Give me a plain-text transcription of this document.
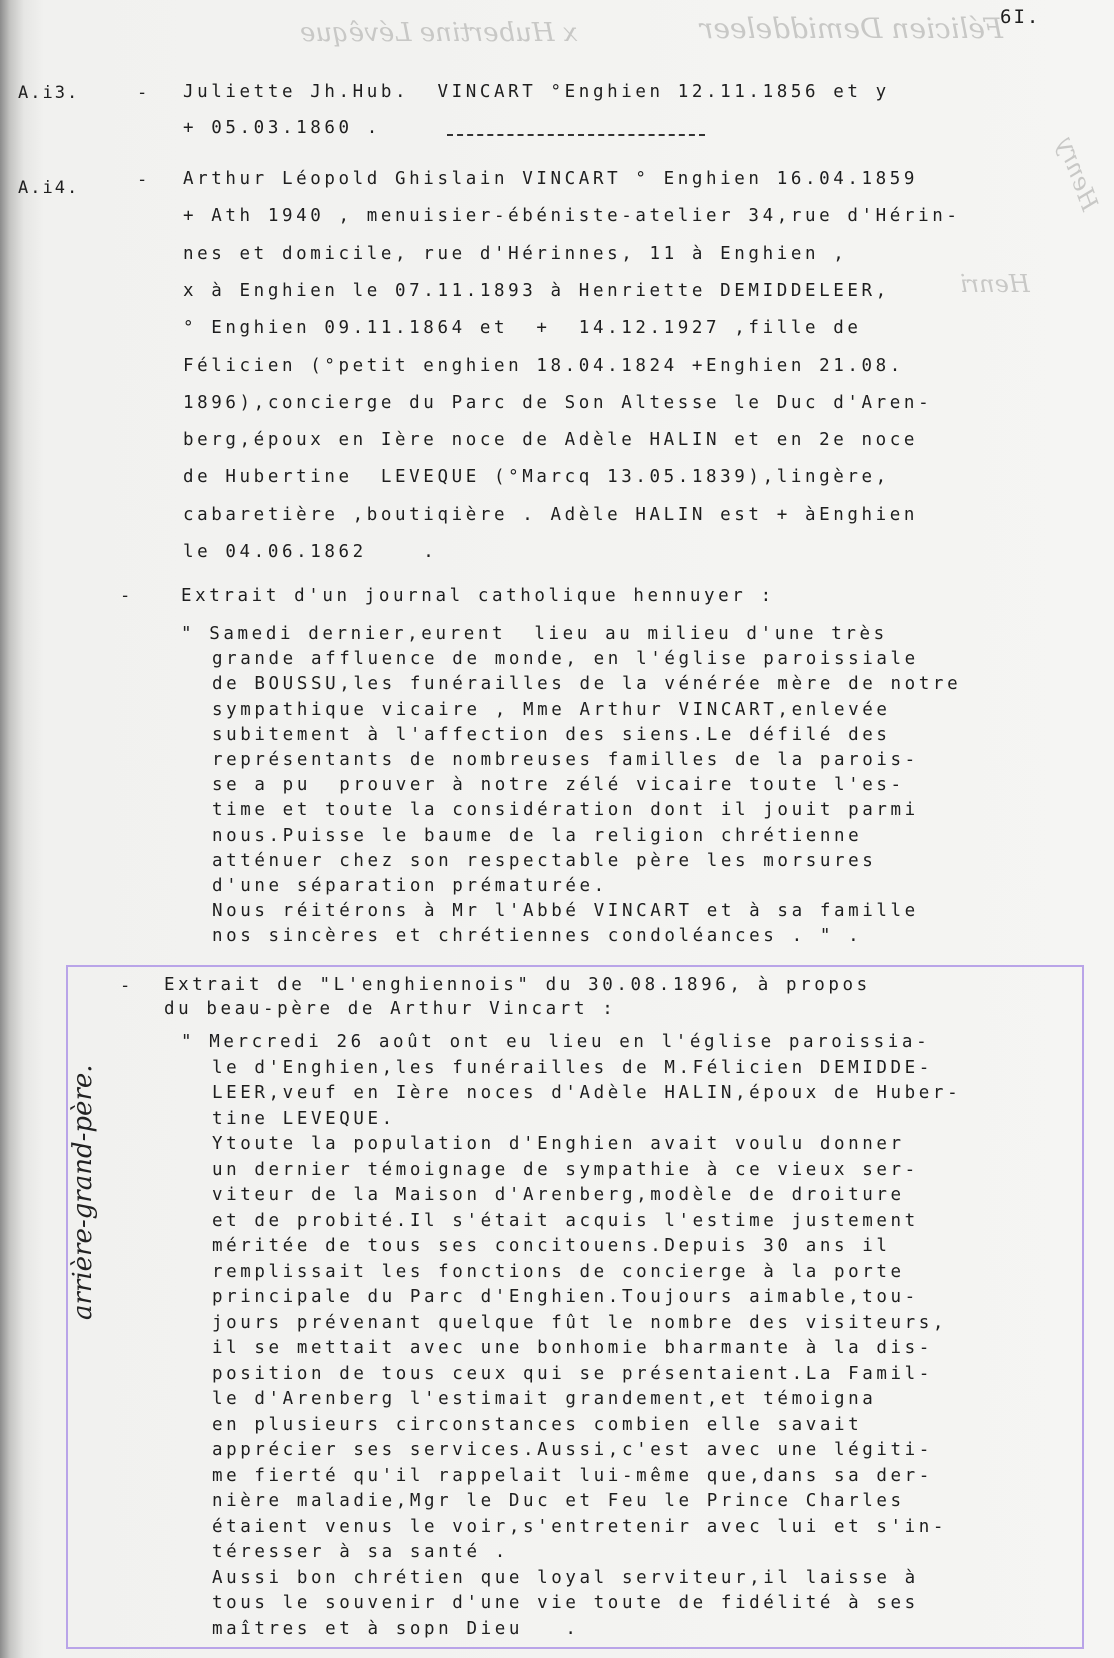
Félicien Demiddeleer
x Hubertine Lévêque
Henri
Henry
6I.
A.i3.	- Juliette Jh.Hub.  VINCART °Enghien 12.11.1856 et y
+ 05.03.1860 .
A.i4.	- Arthur Léopold Ghislain VINCART ° Enghien 16.04.1859
+ Ath 1940 , menuisier-ébéniste-atelier 34,rue d'Hérin-
nes et domicile, rue d'Hérinnes, 11 à Enghien ,
x à Enghien le 07.11.1893 à Henriette DEMIDDELEER,
° Enghien 09.11.1864 et  +  14.12.1927 ,fille de
Félicien (°petit enghien 18.04.1824 +Enghien 21.08.
1896),concierge du Parc de Son Altesse le Duc d'Aren-
berg,époux en Ière noce de Adèle HALIN et en 2e noce
de Hubertine  LEVEQUE (°Marcq 13.05.1839),lingère,
cabaretière ,boutiqière . Adèle HALIN est + àEnghien
le 04.06.1862    .
-	Extrait d'un journal catholique hennuyer :
" Samedi dernier,eurent  lieu au milieu d'une très
grande affluence de monde, en l'église paroissiale
de BOUSSU,les funérailles de la vénérée mère de notre
sympathique vicaire , Mme Arthur VINCART,enlevée
subitement à l'affection des siens.Le défilé des
représentants de nombreuses familles de la parois-
se a pu  prouver à notre zélé vicaire toute l'es-
time et toute la considération dont il jouit parmi
nous.Puisse le baume de la religion chrétienne
atténuer chez son respectable père les morsures
d'une séparation prématurée.
Nous réitérons à Mr l'Abbé VINCART et à sa famille
nos sincères et chrétiennes condoléances . " .
- Extrait de "L'enghiennois" du 30.08.1896, à propos
du beau-père de Arthur Vincart :
" Mercredi 26 août ont eu lieu en l'église paroissia-
le d'Enghien,les funérailles de M.Félicien DEMIDDE-
LEER,veuf en Ière noces d'Adèle HALIN,époux de Huber-
tine LEVEQUE.
Ytoute la population d'Enghien avait voulu donner
un dernier témoignage de sympathie à ce vieux ser-
viteur de la Maison d'Arenberg,modèle de droiture
et de probité.Il s'était acquis l'estime justement
méritée de tous ses concitouens.Depuis 30 ans il
remplissait les fonctions de concierge à la porte
principale du Parc d'Enghien.Toujours aimable,tou-
jours prévenant quelque fût le nombre des visiteurs,
il se mettait avec une bonhomie bharmante à la dis-
position de tous ceux qui se présentaient.La Famil-
le d'Arenberg l'estimait grandement,et témoigna
en plusieurs circonstances combien elle savait
apprécier ses services.Aussi,c'est avec une légiti-
me fierté qu'il rappelait lui-même que,dans sa der-
nière maladie,Mgr le Duc et Feu le Prince Charles
étaient venus le voir,s'entretenir avec lui et s'in-
téresser à sa santé .
Aussi bon chrétien que loyal serviteur,il laisse à
tous le souvenir d'une vie toute de fidélité à ses
maîtres et à sopn Dieu   .
arrière-grand-père.
